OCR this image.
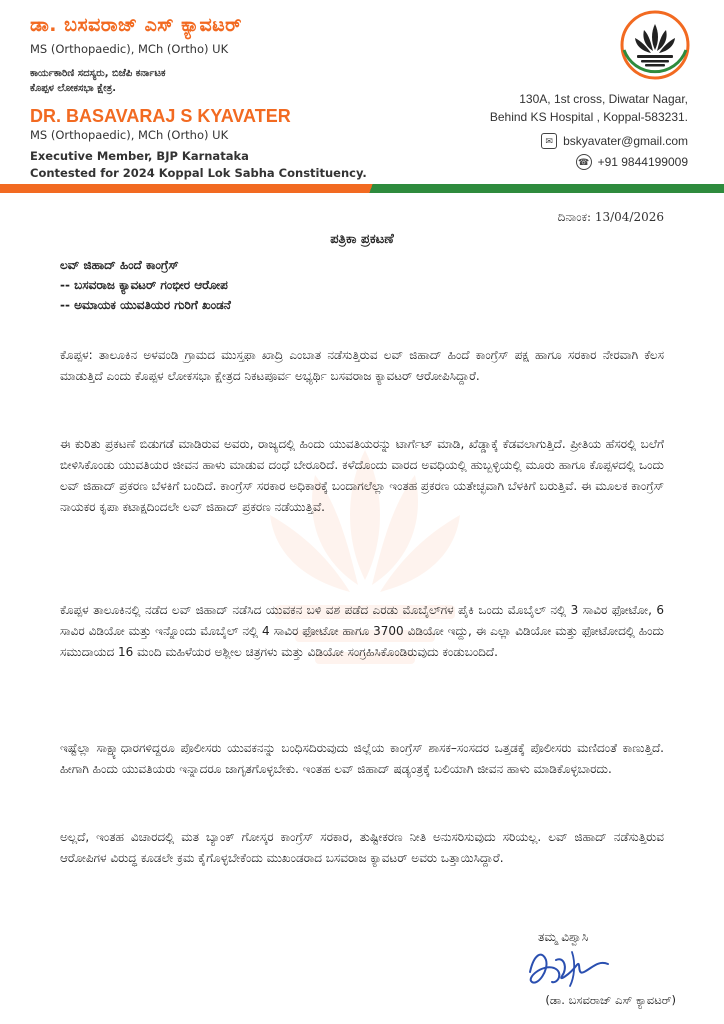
ಡಾ. ಬಸವರಾಜ್ ಎಸ್ ಕ್ಯಾವಟರ್
MS (Orthopaedic), MCh (Ortho) UK
ಕಾರ್ಯಕಾರಿಣಿ ಸದಸ್ಯರು, ಬಿಜೆಪಿ ಕರ್ನಾಟಕ
ಕೊಪ್ಪಳ ಲೋಕಸಭಾ ಕ್ಷೇತ್ರ.
DR. BASAVARAJ S KYAVATER
MS (Orthopaedic), MCh (Ortho) UK
Executive Member, BJP Karnataka
Contested for 2024 Koppal Lok Sabha Constituency.
130A, 1st cross, Diwatar Nagar,
Behind KS Hospital , Koppal-583231.
✉ bskyavater@gmail.com
☎ +91 9844199009
ದಿನಾಂಕ: 13/04/2026
ಪತ್ರಿಕಾ ಪ್ರಕಟಣೆ
ಲವ್ ಜಿಹಾದ್ ಹಿಂದೆ ಕಾಂಗ್ರೆಸ್
-- ಬಸವರಾಜ ಕ್ಯಾವಟರ್ ಗಂಭೀರ ಆರೋಪ
-- ಅಮಾಯಕ ಯುವತಿಯರ ಗುರಿಗೆ ಖಂಡನೆ
ಕೊಪ್ಪಳ: ತಾಲೂಕಿನ ಅಳವಂಡಿ ಗ್ರಾಮದ ಮುಸ್ತಫಾ ಖಾದ್ರಿ ಎಂಬಾತ ನಡೆಸುತ್ತಿರುವ ಲವ್ ಜಿಹಾದ್ ಹಿಂದೆ ಕಾಂಗ್ರೆಸ್ ಪಕ್ಷ ಹಾಗೂ ಸರಕಾರ ನೇರವಾಗಿ ಕೆಲಸ ಮಾಡುತ್ತಿದೆ ಎಂದು ಕೊಪ್ಪಳ ಲೋಕಸಭಾ ಕ್ಷೇತ್ರದ ನಿಕಟಪೂರ್ವ ಅಭ್ಯರ್ಥಿ ಬಸವರಾಜ ಕ್ಯಾವಟರ್ ಆರೋಪಿಸಿದ್ದಾರೆ.
ಈ ಕುರಿತು ಪ್ರಕಟಣೆ ಬಿಡುಗಡೆ ಮಾಡಿರುವ ಅವರು, ರಾಜ್ಯದಲ್ಲಿ ಹಿಂದು ಯುವತಿಯರನ್ನು ಟಾರ್ಗೆಟ್ ಮಾಡಿ, ಖೆಡ್ಡಾಕ್ಕೆ ಕೆಡವಲಾಗುತ್ತಿದೆ. ಪ್ರೀತಿಯ ಹೆಸರಲ್ಲಿ ಬಲೆಗೆ ಬೀಳಿಸಿಕೊಂಡು ಯುವತಿಯರ ಜೀವನ ಹಾಳು ಮಾಡುವ ದಂಧೆ ಬೇರೂರಿದೆ. ಕಳೆದೊಂದು ವಾರದ ಅವಧಿಯಲ್ಲಿ ಹುಬ್ಬಳ್ಳಿಯಲ್ಲಿ ಮೂರು ಹಾಗೂ ಕೊಪ್ಪಳದಲ್ಲಿ ಒಂದು ಲವ್ ಜಿಹಾದ್ ಪ್ರಕರಣ ಬೆಳಕಿಗೆ ಬಂದಿದೆ. ಕಾಂಗ್ರೆಸ್ ಸರಕಾರ ಅಧಿಕಾರಕ್ಕೆ ಬಂದಾಗಲೆಲ್ಲಾ ಇಂತಹ ಪ್ರಕರಣ ಯತೇಚ್ಛವಾಗಿ ಬೆಳಕಿಗೆ ಬರುತ್ತಿವೆ. ಈ ಮೂಲಕ ಕಾಂಗ್ರೆಸ್ ನಾಯಕರ ಕೃಪಾ ಕಟಾಕ್ಷದಿಂದಲೇ ಲವ್ ಜಿಹಾದ್ ಪ್ರಕರಣ ನಡೆಯುತ್ತಿವೆ.
ಕೊಪ್ಪಳ ತಾಲೂಕಿನಲ್ಲಿ ನಡೆದ ಲವ್ ಜಿಹಾದ್ ನಡೆಸಿದ ಯುವಕನ ಬಳಿ ವಶ ಪಡೆದ ಎರಡು ಮೊಬೈಲ್‌ಗಳ ಪೈಕಿ ಒಂದು ಮೊಬೈಲ್ ನಲ್ಲಿ 3 ಸಾವಿರ ಫೋಟೋ, 6 ಸಾವಿರ ವಿಡಿಯೋ ಮತ್ತು ಇನ್ನೊಂದು ಮೊಬೈಲ್ ನಲ್ಲಿ 4 ಸಾವಿರ ಫೋಟೋ ಹಾಗೂ 3700 ವಿಡಿಯೋ ಇದ್ದು, ಈ ಎಲ್ಲಾ ವಿಡಿಯೋ ಮತ್ತು ಫೋಟೋದಲ್ಲಿ ಹಿಂದು ಸಮುದಾಯದ 16 ಮಂದಿ ಮಹಿಳೆಯರ ಅಶ್ಲೀಲ ಚಿತ್ರಗಳು ಮತ್ತು ವಿಡಿಯೋ ಸಂಗ್ರಹಿಸಿಕೊಂಡಿರುವುದು ಕಂಡುಬಂದಿದೆ.
ಇಷ್ಟೆಲ್ಲಾ ಸಾಕ್ಷ್ಯಾಧಾರಗಳಿದ್ದರೂ ಪೊಲೀಸರು ಯುವಕನನ್ನು ಬಂಧಿಸದಿರುವುದು ಜಿಲ್ಲೆಯ ಕಾಂಗ್ರೆಸ್ ಶಾಸಕ–ಸಂಸದರ ಒತ್ತಡಕ್ಕೆ ಪೊಲೀಸರು ಮಣಿದಂತೆ ಕಾಣುತ್ತಿದೆ. ಹೀಗಾಗಿ ಹಿಂದು ಯುವತಿಯರು ಇನ್ನಾದರೂ ಜಾಗೃತಗೊಳ್ಳಬೇಕು. ಇಂತಹ ಲವ್ ಜಿಹಾದ್ ಷಡ್ಯಂತ್ರಕ್ಕೆ ಬಲಿಯಾಗಿ ಜೀವನ ಹಾಳು ಮಾಡಿಕೊಳ್ಳಬಾರದು.
ಅಲ್ಲದೆ, ಇಂತಹ ವಿಚಾರದಲ್ಲಿ ಮತ ಬ್ಯಾಂಕ್ ಗೋಸ್ಕರ ಕಾಂಗ್ರೆಸ್ ಸರಕಾರ, ತುಷ್ಟೀಕರಣ ನೀತಿ ಅನುಸರಿಸುವುದು ಸರಿಯಲ್ಲ. ಲವ್ ಜಿಹಾದ್ ನಡೆಸುತ್ತಿರುವ ಆರೋಪಿಗಳ ವಿರುದ್ಧ ಕೂಡಲೇ ಕ್ರಮ ಕೈಗೊಳ್ಳಬೇಕೆಂದು ಮುಖಂಡರಾದ ಬಸವರಾಜ ಕ್ಯಾವಟರ್ ಅವರು ಒತ್ತಾಯಿಸಿದ್ದಾರೆ.
ತಮ್ಮ ವಿಶ್ವಾಸಿ
(ಡಾ. ಬಸವರಾಜ್ ಎಸ್ ಕ್ಯಾವಟರ್)
